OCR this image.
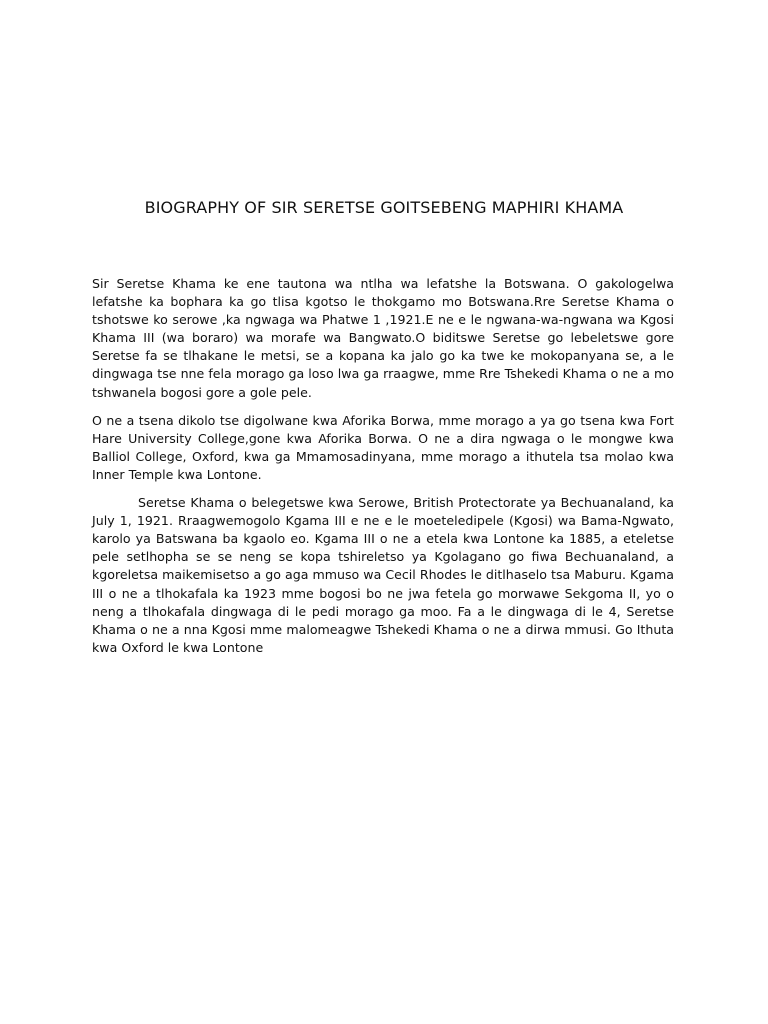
BIOGRAPHY OF SIR SERETSE GOITSEBENG MAPHIRI KHAMA

Sir Seretse Khama ke ene tautona wa ntlha wa lefatshe la Botswana. O gakologelwa lefatshe ka bophara ka go tlisa kgotso le thokgamo mo Botswana.Rre Seretse Khama o tshotswe ko serowe ,ka ngwaga wa Phatwe 1 ,1921.E ne e le ngwana-wa-ngwana wa Kgosi Khama III (wa boraro) wa morafe wa Bangwato.O biditswe Seretse go lebeletswe gore Seretse fa se tlhakane le metsi, se a kopana ka jalo go ka twe ke mokopanyana se, a le dingwaga tse nne fela morago ga loso lwa ga rraagwe, mme Rre Tshekedi Khama o ne a mo tshwanela bogosi gore a gole pele.

O ne a tsena dikolo tse digolwane kwa Aforika Borwa, mme morago a ya go tsena kwa Fort Hare University College,gone kwa Aforika Borwa. O ne a dira ngwaga o le mongwe kwa Balliol College, Oxford, kwa ga Mmamosadinyana, mme morago a ithutela tsa molao kwa Inner Temple kwa Lontone.

Seretse Khama o belegetswe kwa Serowe, British Protectorate ya Bechuanaland, ka July 1, 1921. Rraagwemogolo Kgama III e ne e le moeteledipele (Kgosi) wa Bama-Ngwato, karolo ya Batswana ba kgaolo eo. Kgama III o ne a etela kwa Lontone ka 1885, a eteletse pele setlhopha se se neng se kopa tshireletso ya Kgolagano go fiwa Bechuanaland, a kgoreletsa maikemisetso a go aga mmuso wa Cecil Rhodes le ditlhaselo tsa Maburu. Kgama III o ne a tlhokafala ka 1923 mme bogosi bo ne jwa fetela go morwawe Sekgoma II, yo o neng a tlhokafala dingwaga di le pedi morago ga moo. Fa a le dingwaga di le 4, Seretse Khama o ne a nna Kgosi mme malomeagwe Tshekedi Khama o ne a dirwa mmusi. Go Ithuta kwa Oxford le kwa Lontone
